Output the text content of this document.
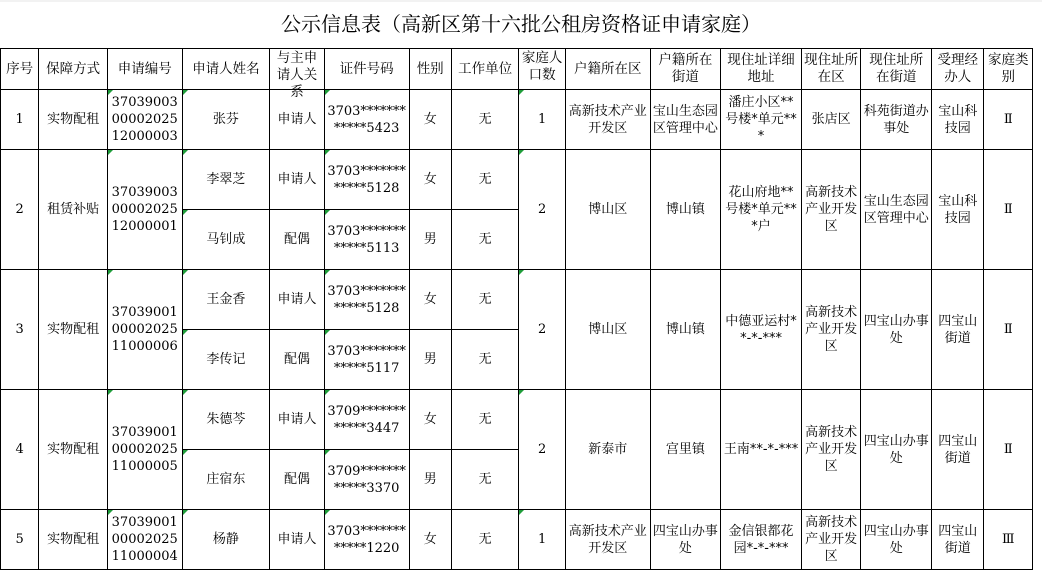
公示信息表（高新区第十六批公租房资格证申请家庭）
序号	保障方式	申请编号	申请人姓名	与主申请人关系	证件号码	性别	工作单位	家庭人口数	户籍所在区	户籍所在街道	现住址详细地址	现住址所在区	现住址所在街道	受理经办人	家庭类别
1	实物配租	370390030000202512000003	张芬	申请人	3703************5423	女	无	1	高新技术产业开发区	宝山生态园区管理中心	潘庄小区**号楼*单元***	张店区	科苑街道办事处	宝山科技园	Ⅱ
2	租赁补贴	370390030000202512000001	李翠芝	申请人	3703************5128	女	无	2	博山区	博山镇	花山府地**号楼*单元***户	高新技术产业开发区	宝山生态园区管理中心	宝山科技园	Ⅱ
			马钊成	配偶	3703************5113	男	无								
3	实物配租	370390010000202511000006	王金香	申请人	3703************5128	女	无	2	博山区	博山镇	中德亚运村**-*-***	高新技术产业开发区	四宝山办事处	四宝山街道	Ⅱ
			李传记	配偶	3703************5117	男	无								
4	实物配租	370390010000202511000005	朱德芩	申请人	3709************3447	女	无	2	新泰市	宫里镇	王南**-*-***	高新技术产业开发区	四宝山办事处	四宝山街道	Ⅱ
			庄宿东	配偶	3709************3370	男	无								
5	实物配租	370390010000202511000004	杨静	申请人	3703************1220	女	无	1	高新技术产业开发区	四宝山办事处	金信银都花园*-*-***	高新技术产业开发区	四宝山办事处	四宝山街道	Ⅲ
